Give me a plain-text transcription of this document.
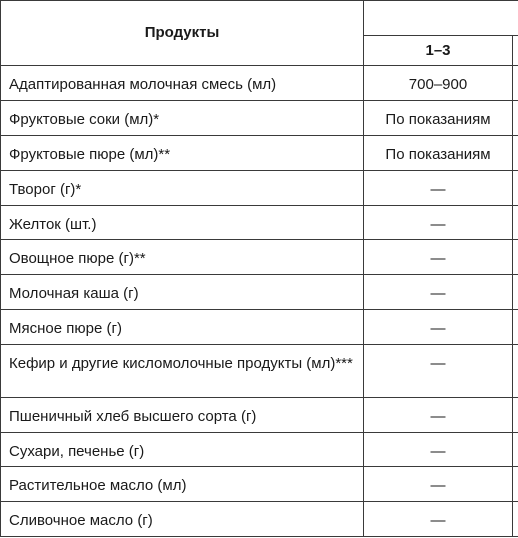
Продукты		
	1–3	
Адаптированная молочная смесь (мл)	700–900	
Фруктовые соки (мл)*	По показаниям	
Фруктовые пюре (мл)**	По показаниям	
Творог (г)*	—	
Желток (шт.)	—	
Овощное пюре (г)**	—	
Молочная каша (г)	—	
Мясное пюре (г)	—	
Кефир и другие кисломолочные продукты (мл)***	—	
Пшеничный хлеб высшего сорта (г)	—	
Сухари, печенье (г)	—	
Растительное масло (мл)	—	
Сливочное масло (г)	—	
